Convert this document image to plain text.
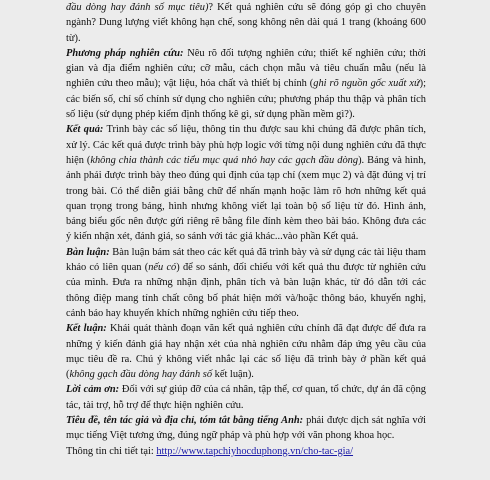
đầu dòng hay đánh số mục tiêu)? Kết quả nghiên cứu sẽ đóng góp gì cho chuyên ngành? Dung lượng viết không hạn chế, song không nên dài quá 1 trang (khoảng 600 từ).

Phương pháp nghiên cứu: Nêu rõ đối tượng nghiên cứu; thiết kế nghiên cứu; thời gian và địa điểm nghiên cứu; cỡ mẫu, cách chọn mẫu và tiêu chuẩn mẫu (nếu là nghiên cứu theo mẫu); vật liệu, hóa chất và thiết bị chính (ghi rõ nguồn gốc xuất xứ); các biến số, chỉ số chính sử dụng cho nghiên cứu; phương pháp thu thập và phân tích số liệu (sử dụng phép kiểm định thống kê gì, sử dụng phần mềm gì?).

Kết quả: Trình bày các số liệu, thông tin thu được sau khi chúng đã được phân tích, xử lý. Các kết quả được trình bày phù hợp logic với từng nội dung nghiên cứu đã thực hiện (không chia thành các tiểu mục quá nhỏ hay các gạch đầu dòng). Bảng và hình, ảnh phải được trình bày theo đúng qui định của tạp chí (xem mục 2) và đặt đúng vị trí trong bài. Có thể diễn giải bằng chữ để nhấn mạnh hoặc làm rõ hơn những kết quả quan trọng trong bảng, hình nhưng không viết lại toàn bộ số liệu từ đó. Hình ảnh, bảng biểu gốc nên được gửi riêng rẽ bằng file đính kèm theo bài báo. Không đưa các ý kiến nhận xét, đánh giá, so sánh với tác giả khác...vào phần Kết quả.

Bàn luận: Bàn luận bám sát theo các kết quả đã trình bày và sử dụng các tài liệu tham khảo có liên quan (nếu có) để so sánh, đối chiếu với kết quả thu được từ nghiên cứu của mình. Đưa ra những nhận định, phân tích và bàn luận khác, từ đó dẫn tới các thông điệp mang tính chất công bố phát hiện mới và/hoặc thông báo, khuyến nghị, cảnh báo hay khuyến khích những nghiên cứu tiếp theo.

Kết luận: Khái quát thành đoạn văn kết quả nghiên cứu chính đã đạt được để đưa ra những ý kiến đánh giá hay nhận xét của nhà nghiên cứu nhằm đáp ứng yêu cầu của mục tiêu đề ra. Chú ý không viết nhắc lại các số liệu đã trình bày ở phần kết quả (không gạch đầu dòng hay đánh số kết luận).

Lời cảm ơn: Đối với sự giúp đỡ của cá nhân, tập thể, cơ quan, tổ chức, dự án đã cộng tác, tài trợ, hỗ trợ để thực hiện nghiên cứu.

Tiêu đề, tên tác giả và địa chỉ, tóm tắt bằng tiếng Anh: phải được dịch sát nghĩa với mục tiếng Việt tương ứng, đúng ngữ pháp và phù hợp với văn phong khoa học.

Thông tin chi tiết tại: http://www.tapchiyhocduphong.vn/cho-tac-gia/
